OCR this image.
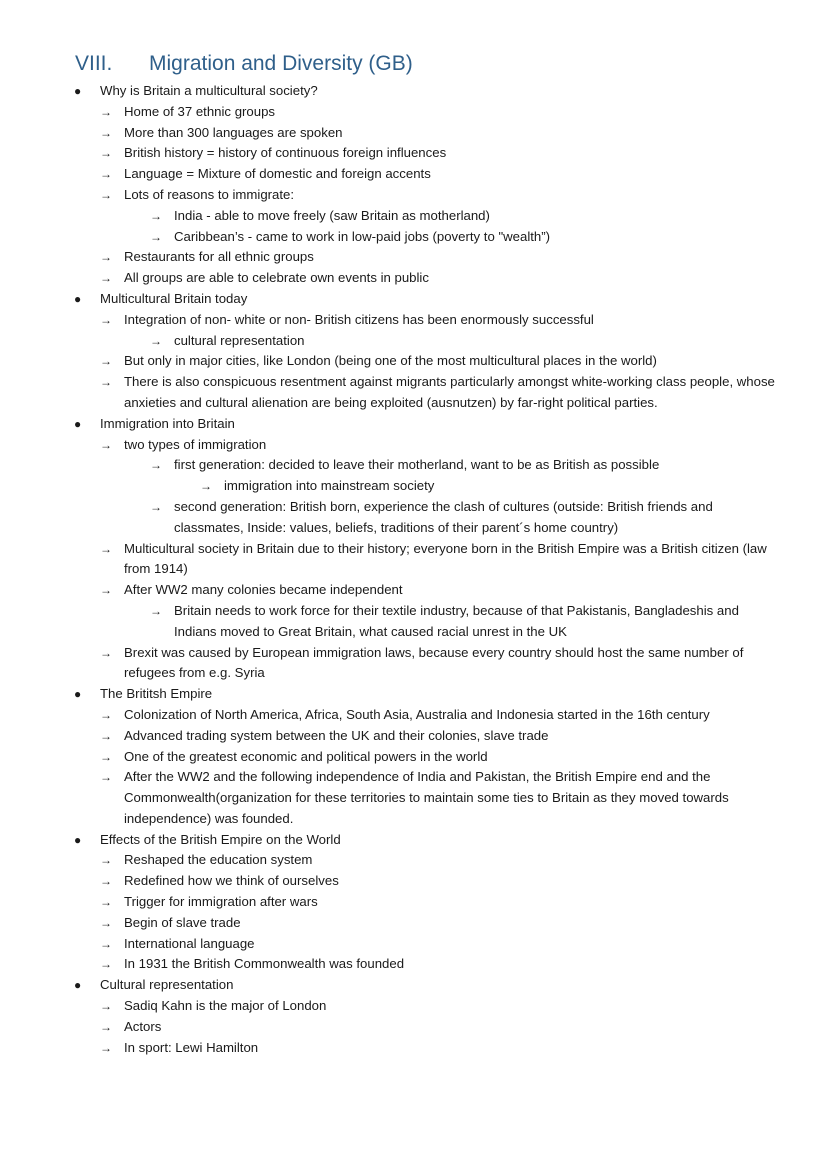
VIII. Migration and Diversity (GB)
● Why is Britain a multicultural society?
→ Home of 37 ethnic groups
→ More than 300 languages are spoken
→ British history = history of continuous foreign influences
→ Language = Mixture of domestic and foreign accents
→ Lots of reasons to immigrate:
→ India - able to move freely (saw Britain as motherland)
→ Caribbean’s - came to work in low-paid jobs (poverty to "wealth”)
→ Restaurants for all ethnic groups
→ All groups are able to celebrate own events in public
● Multicultural Britain today
→ Integration of non- white or non- British citizens has been enormously successful
→ cultural representation
→ But only in major cities, like London (being one of the most multicultural places in the world)
→ There is also conspicuous resentment against migrants particularly amongst white-working class people, whose anxieties and cultural alienation are being exploited (ausnutzen) by far-right political parties.
● Immigration into Britain
→ two types of immigration
→ first generation: decided to leave their motherland, want to be as British as possible
→ immigration into mainstream society
→ second generation: British born, experience the clash of cultures (outside: British friends and classmates, Inside: values, beliefs, traditions of their parent´s home country)
→ Multicultural society in Britain due to their history; everyone born in the British Empire was a British citizen (law from 1914)
→ After WW2 many colonies became independent
→ Britain needs to work force for their textile industry, because of that Pakistanis, Bangladeshis and Indians moved to Great Britain, what caused racial unrest in the UK
→ Brexit was caused by European immigration laws, because every country should host the same number of refugees from e.g. Syria
● The Brititsh Empire
→ Colonization of North America, Africa, South Asia, Australia and Indonesia started in the 16th century
→ Advanced trading system between the UK and their colonies, slave trade
→ One of the greatest economic and political powers in the world
→ After the WW2 and the following independence of India and Pakistan, the British Empire end and the Commonwealth(organization for these territories to maintain some ties to Britain as they moved towards independence) was founded.
● Effects of the British Empire on the World
→ Reshaped the education system
→ Redefined how we think of ourselves
→ Trigger for immigration after wars
→ Begin of slave trade
→ International language
→ In 1931 the British Commonwealth was founded
● Cultural representation
→ Sadiq Kahn is the major of London
→ Actors
→ In sport: Lewi Hamilton
